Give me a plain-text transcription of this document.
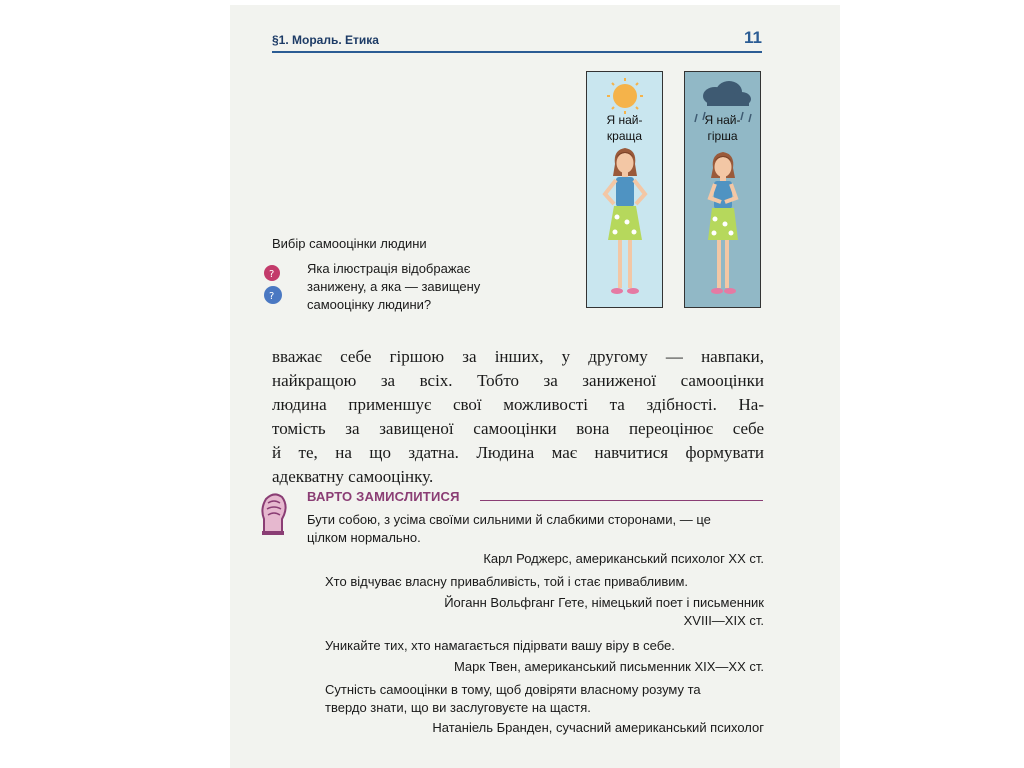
§1. Мораль. Етика	11
Я най-
краща
Я най-
гірша
Вибір самооцінки людини
?
?
Яка ілюстрація відображає
занижену, а яка — завищену
самооцінку людини?
вважає себе гіршою за інших, у другому — навпаки,
найкращою за всіх. Тобто за заниженої самооцінки
людина применшує свої можливості та здібності. На-
томість за завищеної самооцінки вона переоцінює себе
й те, на що здатна. Людина має навчитися формувати
адекватну самооцінку.
ВАРТО ЗАМИСЛИТИСЯ
Бути собою, з усіма своїми сильними й слабкими сторонами, — це
цілком нормально.
Карл Роджерс, американський психолог XX ст.
Хто відчуває власну привабливість, той і стає привабливим.
Йоганн Вольфганг Гете, німецький поет і письменник
XVIII—XIX ст.
Уникайте тих, хто намагається підірвати вашу віру в себе.
Марк Твен, американський письменник XIX—XX ст.
Сутність самооцінки в тому, щоб довіряти власному розуму та
твердо знати, що ви заслуговуєте на щастя.
Натаніель Бранден, сучасний американський психолог
